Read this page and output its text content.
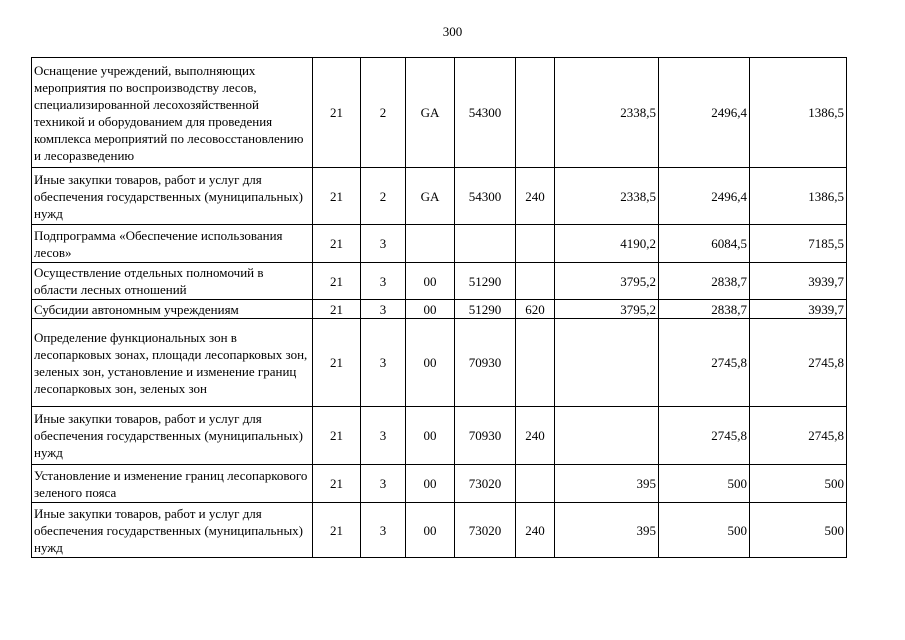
300
Оснащение учреждений, выполняющих мероприятия по воспроизводству лесов, специализированной лесохозяйственной техникой и оборудованием для проведения комплекса мероприятий по лесовосстановлению и лесоразведению	21	2	GA	54300		2338,5	2496,4	1386,5
Иные закупки товаров, работ и услуг для обеспечения государственных (муниципальных) нужд	21	2	GA	54300	240	2338,5	2496,4	1386,5
Подпрограмма «Обеспечение использования лесов»	21	3				4190,2	6084,5	7185,5
Осуществление отдельных полномочий в области лесных отношений	21	3	00	51290		3795,2	2838,7	3939,7
Субсидии автономным учреждениям	21	3	00	51290	620	3795,2	2838,7	3939,7
Определение функциональных зон в лесопарковых зонах, площади лесопарковых зон, зеленых зон, установление и изменение границ лесопарковых зон, зеленых зон	21	3	00	70930			2745,8	2745,8
Иные закупки товаров, работ и услуг для обеспечения государственных (муниципальных) нужд	21	3	00	70930	240		2745,8	2745,8
Установление и изменение границ лесопаркового зеленого пояса	21	3	00	73020		395	500	500
Иные закупки товаров, работ и услуг для обеспечения государственных (муниципальных) нужд	21	3	00	73020	240	395	500	500
